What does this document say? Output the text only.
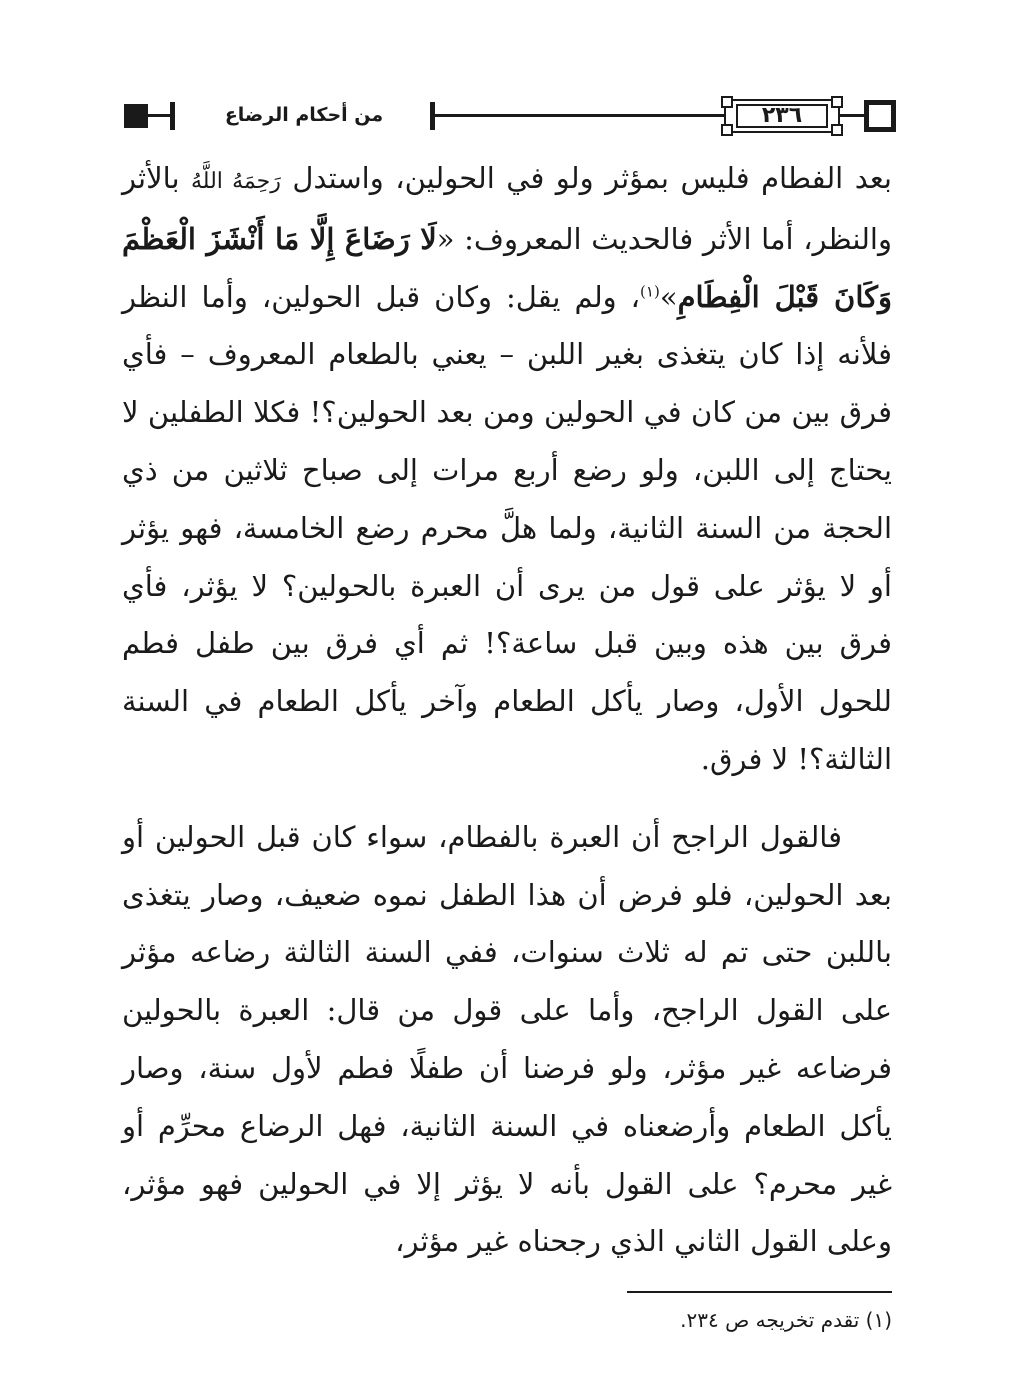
من أحكام الرضاع	٢٣٦

بعد الفطام فليس بمؤثر ولو في الحولين، واستدل رَحِمَهُ اللَّهُ بالأثر والنظر، أما الأثر فالحديث المعروف: «لَا رَضَاعَ إِلَّا مَا أَنْشَزَ الْعَظْمَ وَكَانَ قَبْلَ الْفِطَامِ»$^{(١)}$، ولم يقل: وكان قبل الحولين، وأما النظر فلأنه إذا كان يتغذى بغير اللبن – يعني بالطعام المعروف – فأي فرق بين من كان في الحولين ومن بعد الحولين؟! فكلا الطفلين لا يحتاج إلى اللبن، ولو رضع أربع مرات إلى صباح ثلاثين من ذي الحجة من السنة الثانية، ولما هلَّ محرم رضع الخامسة، فهو يؤثر أو لا يؤثر على قول من يرى أن العبرة بالحولين؟ لا يؤثر، فأي فرق بين هذه وبين قبل ساعة؟! ثم أي فرق بين طفل فطم للحول الأول، وصار يأكل الطعام وآخر يأكل الطعام في السنة الثالثة؟! لا فرق.

فالقول الراجح أن العبرة بالفطام، سواء كان قبل الحولين أو بعد الحولين، فلو فرض أن هذا الطفل نموه ضعيف، وصار يتغذى باللبن حتى تم له ثلاث سنوات، ففي السنة الثالثة رضاعه مؤثر على القول الراجح، وأما على قول من قال: العبرة بالحولين فرضاعه غير مؤثر، ولو فرضنا أن طفلًا فطم لأول سنة، وصار يأكل الطعام وأرضعناه في السنة الثانية، فهل الرضاع محرِّم أو غير محرم؟ على القول بأنه لا يؤثر إلا في الحولين فهو مؤثر، وعلى القول الثاني الذي رجحناه غير مؤثر،

(١) تقدم تخريجه ص ٢٣٤.
